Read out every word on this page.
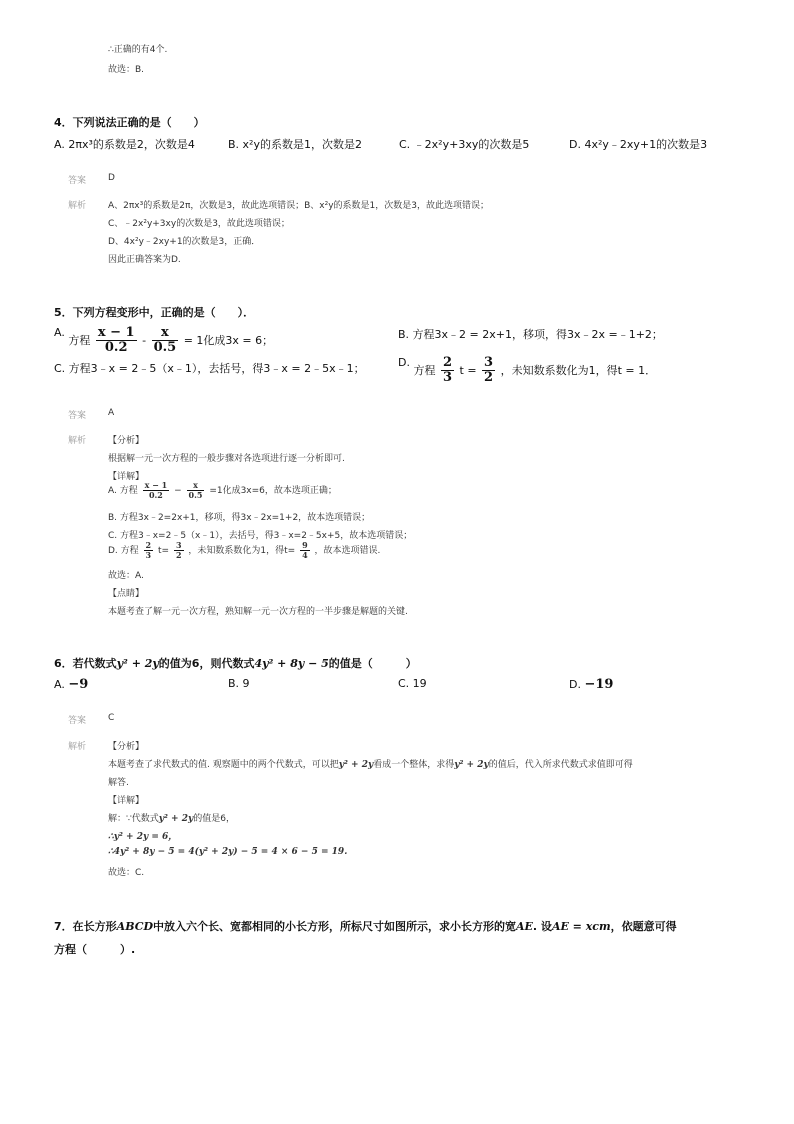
∴正确的有4个.
故选：B.
4．下列说法正确的是（　　）
A. 2πx³的系数是2，次数是4	B. x²y的系数是1，次数是2	C. ﹣2x²y+3xy的次数是5	D. 4x²y﹣2xy+1的次数是3
答案 D
解析 A、2πx³的系数是2π，次数是3，故此选项错误；B、x²y的系数是1，次数是3，故此选项错误；
C、﹣2x²y+3xy的次数是3，故此选项错误；
D、4x²y﹣2xy+1的次数是3，正确．
因此正确答案为D.
5．下列方程变形中，正确的是（　　）．
A. 方程 $\frac{x - 1}{0.2} - \frac{x}{0.5} = 1$化成3x = 6；	B. 方程3x﹣2 = 2x+1，移项，得3x﹣2x =﹣1+2；
C. 方程3﹣x = 2﹣5（x﹣1），去括号，得3﹣x = 2﹣5x﹣1；	D. 方程 $\frac{2}{3}$ $t = \frac{3}{2}$ ，未知数系数化为1，得t = 1．
答案 A
解析 【分析】
根据解一元一次方程的一般步骤对各选项进行逐一分析即可.
【详解】
A. 方程 $\frac{x - 1}{0.2} - \frac{x}{0.5} =1$化成3x=6，故本选项正确；
B. 方程3x﹣2=2x+1，移项，得3x﹣2x=1+2，故本选项错误；
C. 方程3﹣x=2﹣5（x﹣1），去括号，得3﹣x=2﹣5x+5，故本选项错误；
D. 方程 $\frac{2}{3} t= \frac{3}{2}$ ，未知数系数化为1，得$t= \frac{9}{4}$ ，故本选项错误.
故选：A.
【点睛】
本题考查了解一元一次方程，熟知解一元一次方程的一半步骤是解题的关键.
6．若代数式y² + 2y的值为6，则代数式4y² + 8y − 5的值是（　　　）
A. −9	B. 9	C. 19	D. −19
答案 C
解析 【分析】
本题考查了求代数式的值. 观察题中的两个代数式，可以把y² + 2y看成一个整体，求得y² + 2y的值后，代入所求代数式求值即可得
解答.
【详解】
解：∵代数式y² + 2y的值是6，
∴y² + 2y = 6，
∴4y² + 8y − 5 = 4(y² + 2y) − 5 = 4 × 6 − 5 = 19.
故选：C.
7．在长方形ABCD中放入六个长、宽都相同的小长方形，所标尺寸如图所示，求小长方形的宽AE. 设AE = xcm，依题意可得
方程（　　　）.
